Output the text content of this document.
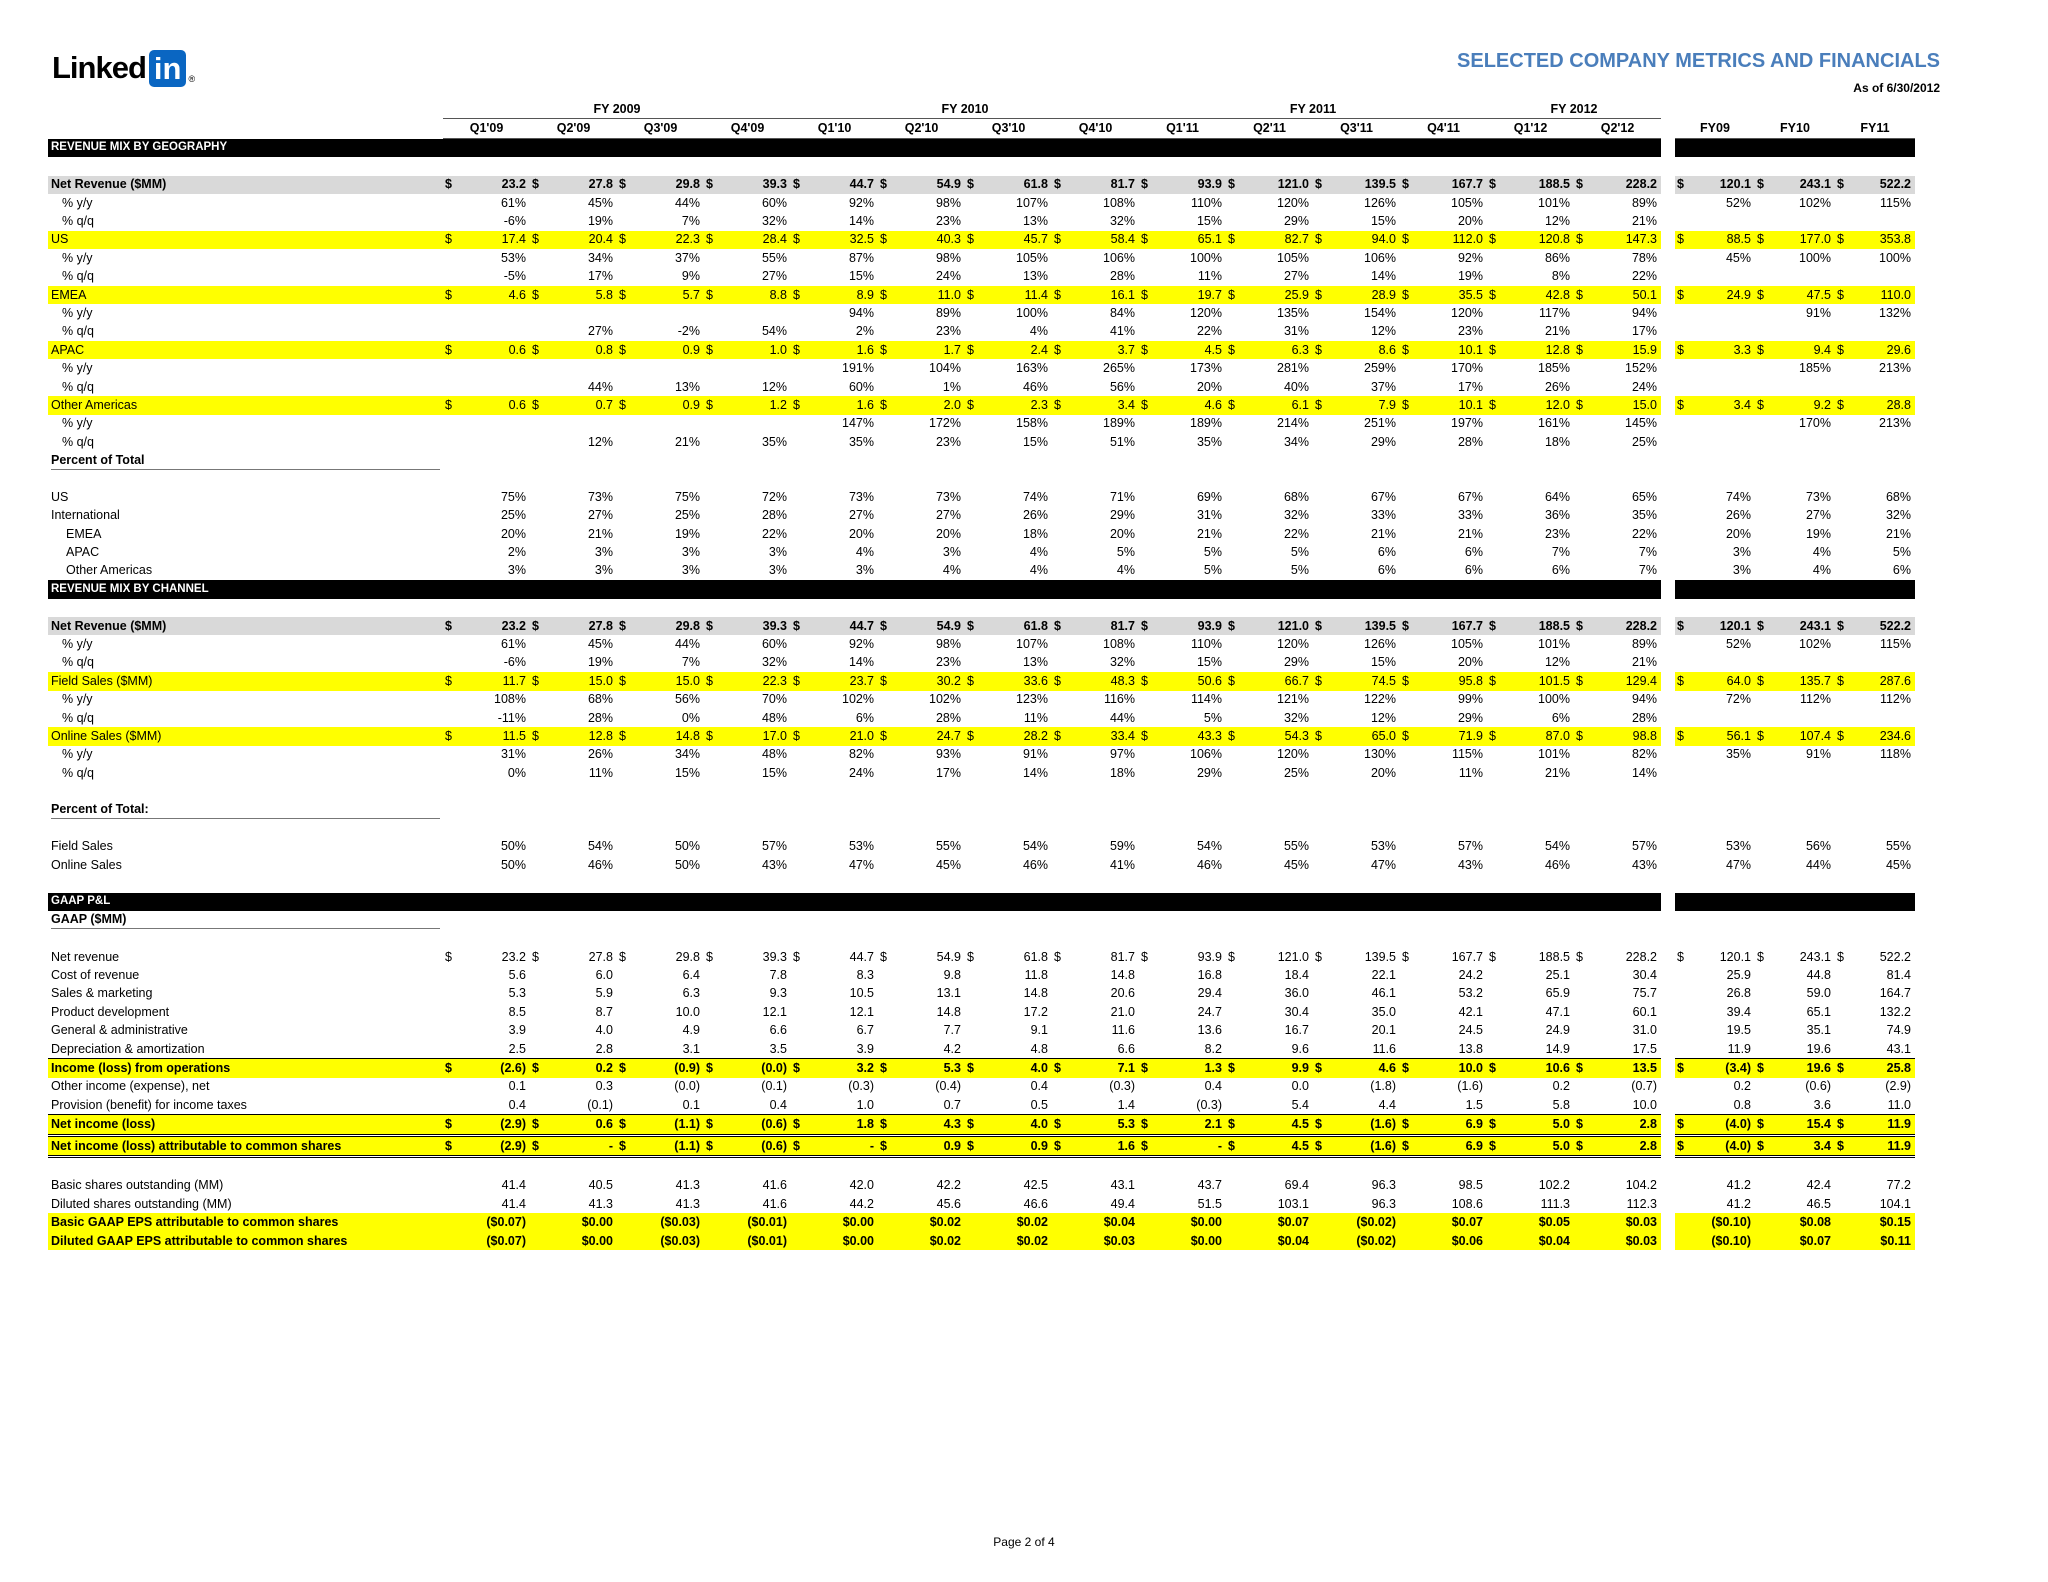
Linked in ®
SELECTED COMPANY METRICS AND FINANCIALS
As of 6/30/2012
	FY 2009								FY 2010								FY 2011								FY 2012										
	Q1'09		Q2'09		Q3'09		Q4'09		Q1'10		Q2'10		Q3'10		Q4'10		Q1'11		Q2'11		Q3'11		Q4'11		Q1'12		Q2'12			FY09		FY10		FY11	
REVENUE MIX BY GEOGRAPHY																																			

Net Revenue ($MM)	$	23.2	$	27.8	$	29.8	$	39.3	$	44.7	$	54.9	$	61.8	$	81.7	$	93.9	$	121.0	$	139.5	$	167.7	$	188.5	$	228.2		$	120.1	$	243.1	$	522.2
% y/y		61%		45%		44%		60%		92%		98%		107%		108%		110%		120%		126%		105%		101%		89%			52%		102%		115%
% q/q		-6%		19%		7%		32%		14%		23%		13%		32%		15%		29%		15%		20%		12%		21%							
US	$	17.4	$	20.4	$	22.3	$	28.4	$	32.5	$	40.3	$	45.7	$	58.4	$	65.1	$	82.7	$	94.0	$	112.0	$	120.8	$	147.3		$	88.5	$	177.0	$	353.8
% y/y		53%		34%		37%		55%		87%		98%		105%		106%		100%		105%		106%		92%		86%		78%			45%		100%		100%
% q/q		-5%		17%		9%		27%		15%		24%		13%		28%		11%		27%		14%		19%		8%		22%							
EMEA	$	4.6	$	5.8	$	5.7	$	8.8	$	8.9	$	11.0	$	11.4	$	16.1	$	19.7	$	25.9	$	28.9	$	35.5	$	42.8	$	50.1		$	24.9	$	47.5	$	110.0
% y/y										94%		89%		100%		84%		120%		135%		154%		120%		117%		94%					91%		132%
% q/q				27%		-2%		54%		2%		23%		4%		41%		22%		31%		12%		23%		21%		17%							
APAC	$	0.6	$	0.8	$	0.9	$	1.0	$	1.6	$	1.7	$	2.4	$	3.7	$	4.5	$	6.3	$	8.6	$	10.1	$	12.8	$	15.9		$	3.3	$	9.4	$	29.6
% y/y										191%		104%		163%		265%		173%		281%		259%		170%		185%		152%					185%		213%
% q/q				44%		13%		12%		60%		1%		46%		56%		20%		40%		37%		17%		26%		24%							
Other Americas	$	0.6	$	0.7	$	0.9	$	1.2	$	1.6	$	2.0	$	2.3	$	3.4	$	4.6	$	6.1	$	7.9	$	10.1	$	12.0	$	15.0		$	3.4	$	9.2	$	28.8
% y/y										147%		172%		158%		189%		189%		214%		251%		197%		161%		145%					170%		213%
% q/q				12%		21%		35%		35%		23%		15%		51%		35%		34%		29%		28%		18%		25%							

Percent of Total																																			

US		75%		73%		75%		72%		73%		73%		74%		71%		69%		68%		67%		67%		64%		65%			74%		73%		68%
International		25%		27%		25%		28%		27%		27%		26%		29%		31%		32%		33%		33%		36%		35%			26%		27%		32%
EMEA		20%		21%		19%		22%		20%		20%		18%		20%		21%		22%		21%		21%		23%		22%			20%		19%		21%
APAC		2%		3%		3%		3%		4%		3%		4%		5%		5%		5%		6%		6%		7%		7%			3%		4%		5%
Other Americas		3%		3%		3%		3%		3%		4%		4%		4%		5%		5%		6%		6%		6%		7%			3%		4%		6%
REVENUE MIX BY CHANNEL																																			

Net Revenue ($MM)	$	23.2	$	27.8	$	29.8	$	39.3	$	44.7	$	54.9	$	61.8	$	81.7	$	93.9	$	121.0	$	139.5	$	167.7	$	188.5	$	228.2		$	120.1	$	243.1	$	522.2
% y/y		61%		45%		44%		60%		92%		98%		107%		108%		110%		120%		126%		105%		101%		89%			52%		102%		115%
% q/q		-6%		19%		7%		32%		14%		23%		13%		32%		15%		29%		15%		20%		12%		21%							
Field Sales ($MM)	$	11.7	$	15.0	$	15.0	$	22.3	$	23.7	$	30.2	$	33.6	$	48.3	$	50.6	$	66.7	$	74.5	$	95.8	$	101.5	$	129.4		$	64.0	$	135.7	$	287.6
% y/y		108%		68%		56%		70%		102%		102%		123%		116%		114%		121%		122%		99%		100%		94%			72%		112%		112%
% q/q		-11%		28%		0%		48%		6%		28%		11%		44%		5%		32%		12%		29%		6%		28%							
Online Sales ($MM)	$	11.5	$	12.8	$	14.8	$	17.0	$	21.0	$	24.7	$	28.2	$	33.4	$	43.3	$	54.3	$	65.0	$	71.9	$	87.0	$	98.8		$	56.1	$	107.4	$	234.6
% y/y		31%		26%		34%		48%		82%		93%		91%		97%		106%		120%		130%		115%		101%		82%			35%		91%		118%
% q/q		0%		11%		15%		15%		24%		17%		14%		18%		29%		25%		20%		11%		21%		14%							

Percent of Total:																																			

Field Sales		50%		54%		50%		57%		53%		55%		54%		59%		54%		55%		53%		57%		54%		57%			53%		56%		55%
Online Sales		50%		46%		50%		43%		47%		45%		46%		41%		46%		45%		47%		43%		46%		43%			47%		44%		45%

GAAP P&L																																			

GAAP ($MM)																																			

Net revenue	$	23.2	$	27.8	$	29.8	$	39.3	$	44.7	$	54.9	$	61.8	$	81.7	$	93.9	$	121.0	$	139.5	$	167.7	$	188.5	$	228.2		$	120.1	$	243.1	$	522.2
Cost of revenue		5.6		6.0		6.4		7.8		8.3		9.8		11.8		14.8		16.8		18.4		22.1		24.2		25.1		30.4			25.9		44.8		81.4
Sales & marketing		5.3		5.9		6.3		9.3		10.5		13.1		14.8		20.6		29.4		36.0		46.1		53.2		65.9		75.7			26.8		59.0		164.7
Product development		8.5		8.7		10.0		12.1		12.1		14.8		17.2		21.0		24.7		30.4		35.0		42.1		47.1		60.1			39.4		65.1		132.2
General & administrative		3.9		4.0		4.9		6.6		6.7		7.7		9.1		11.6		13.6		16.7		20.1		24.5		24.9		31.0			19.5		35.1		74.9
Depreciation & amortization		2.5		2.8		3.1		3.5		3.9		4.2		4.8		6.6		8.2		9.6		11.6		13.8		14.9		17.5			11.9		19.6		43.1
Income (loss) from operations	$	(2.6)	$	0.2	$	(0.9)	$	(0.0)	$	3.2	$	5.3	$	4.0	$	7.1	$	1.3	$	9.9	$	4.6	$	10.0	$	10.6	$	13.5		$	(3.4)	$	19.6	$	25.8
Other income (expense), net		0.1		0.3		(0.0)		(0.1)		(0.3)		(0.4)		0.4		(0.3)		0.4		0.0		(1.8)		(1.6)		0.2		(0.7)			0.2		(0.6)		(2.9)
Provision (benefit) for income taxes		0.4		(0.1)		0.1		0.4		1.0		0.7		0.5		1.4		(0.3)		5.4		4.4		1.5		5.8		10.0			0.8		3.6		11.0
Net income (loss)	$	(2.9)	$	0.6	$	(1.1)	$	(0.6)	$	1.8	$	4.3	$	4.0	$	5.3	$	2.1	$	4.5	$	(1.6)	$	6.9	$	5.0	$	2.8		$	(4.0)	$	15.4	$	11.9
Net income (loss) attributable to common shares	$	(2.9)	$	-	$	(1.1)	$	(0.6)	$	-	$	0.9	$	0.9	$	1.6	$	-	$	4.5	$	(1.6)	$	6.9	$	5.0	$	2.8		$	(4.0)	$	3.4	$	11.9

Basic shares outstanding (MM)		41.4		40.5		41.3		41.6		42.0		42.2		42.5		43.1		43.7		69.4		96.3		98.5		102.2		104.2			41.2		42.4		77.2
Diluted shares outstanding (MM)		41.4		41.3		41.3		41.6		44.2		45.6		46.6		49.4		51.5		103.1		96.3		108.6		111.3		112.3			41.2		46.5		104.1
Basic GAAP EPS attributable to common shares		($0.07)		$0.00		($0.03)		($0.01)		$0.00		$0.02		$0.02		$0.04		$0.00		$0.07		($0.02)		$0.07		$0.05		$0.03			($0.10)		$0.08		$0.15
Diluted GAAP EPS attributable to common shares		($0.07)		$0.00		($0.03)		($0.01)		$0.00		$0.02		$0.02		$0.03		$0.00		$0.04		($0.02)		$0.06		$0.04		$0.03			($0.10)		$0.07		$0.11
Page 2 of 4
